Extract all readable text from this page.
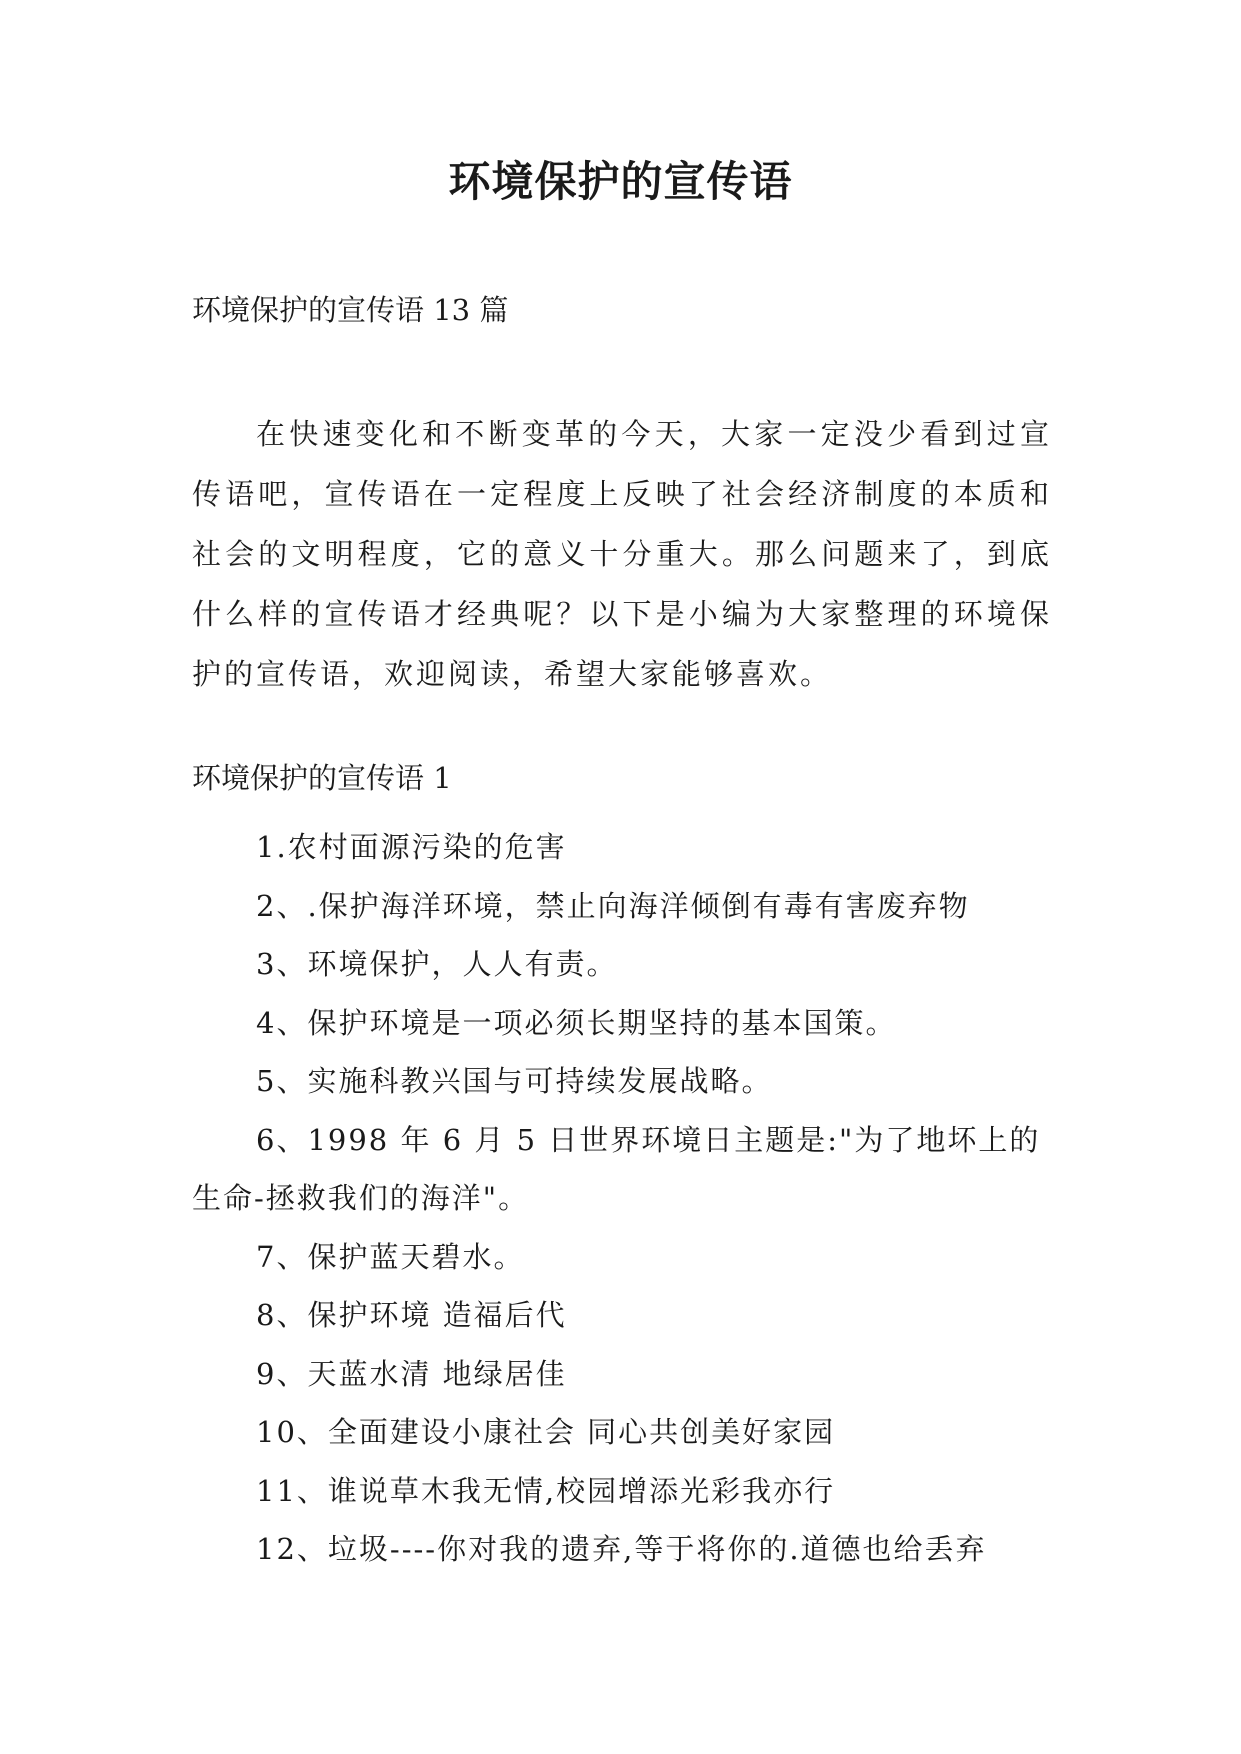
环境保护的宣传语

环境保护的宣传语 13 篇

在快速变化和不断变革的今天，大家一定没少看到过宣传语吧，宣传语在一定程度上反映了社会经济制度的本质和社会的文明程度，它的意义十分重大。那么问题来了，到底什么样的宣传语才经典呢？以下是小编为大家整理的环境保护的宣传语，欢迎阅读，希望大家能够喜欢。

环境保护的宣传语 1

1.农村面源污染的危害
2、.保护海洋环境，禁止向海洋倾倒有毒有害废弃物
3、环境保护，人人有责。
4、保护环境是一项必须长期坚持的基本国策。
5、实施科教兴国与可持续发展战略。
6、1998 年 6 月 5 日世界环境日主题是:"为了地坏上的生命-拯救我们的海洋"。
7、保护蓝天碧水。
8、保护环境 造福后代
9、天蓝水清 地绿居佳
10、全面建设小康社会 同心共创美好家园
11、谁说草木我无情,校园增添光彩我亦行
12、垃圾----你对我的遗弃,等于将你的.道德也给丢弃
